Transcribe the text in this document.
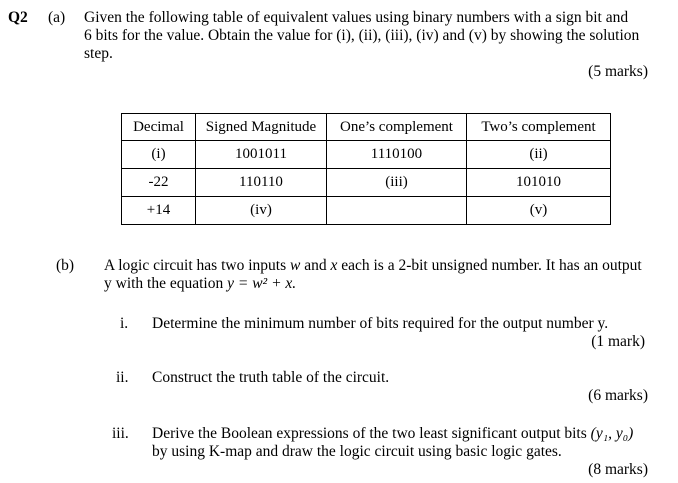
Q2 (a) Given the following table of equivalent values using binary numbers with a sign bit and
6 bits for the value. Obtain the value for (i), (ii), (iii), (iv) and (v) by showing the solution
step.
(5 marks)
Decimal	Signed Magnitude	One’s complement	Two’s complement
(i)	1001011	1110100	(ii)
-22	110110	(iii)	101010
+14	(iv)		(v)
(b) A logic circuit has two inputs w and x each is a 2-bit unsigned number. It has an output
y with the equation y = w² + x.
i. Determine the minimum number of bits required for the output number y.
(1 mark)
ii. Construct the truth table of the circuit.
(6 marks)
iii. Derive the Boolean expressions of the two least significant output bits (y₁, y₀)
by using K-map and draw the logic circuit using basic logic gates.
(8 marks)
